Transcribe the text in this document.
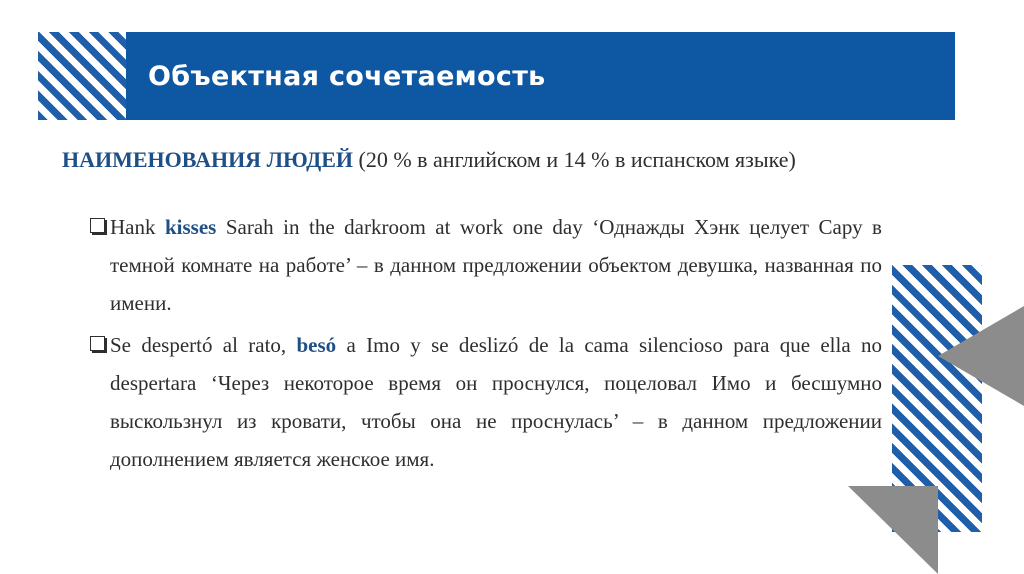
Объектная сочетаемость

НАИМЕНОВАНИЯ ЛЮДЕЙ (20 % в английском и 14 % в испанском языке)

Hank kisses Sarah in the darkroom at work one day ‘Однажды Хэнк целует Сару в темной комнате на работе’ – в данном предложении объектом девушка, названная по имени.
Se despertó al rato, besó a Imo y se deslizó de la cama silencioso para que ella no despertara ‘Через некоторое время он проснулся, поцеловал Имо и бесшумно выскользнул из кровати, чтобы она не проснулась’ – в данном предложении дополнением является женское имя.
